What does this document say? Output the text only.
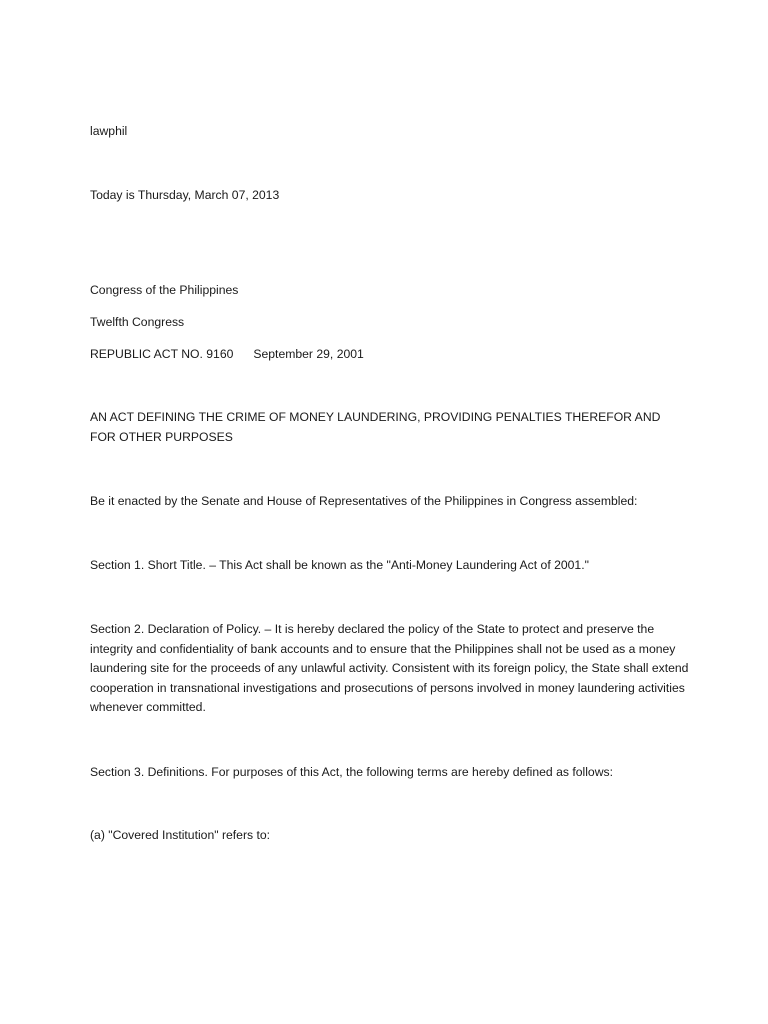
lawphil
Today is Thursday, March 07, 2013
Congress of the Philippines
Twelfth Congress
REPUBLIC ACT NO. 9160 September 29, 2001
AN ACT DEFINING THE CRIME OF MONEY LAUNDERING, PROVIDING PENALTIES THEREFOR AND FOR OTHER PURPOSES
Be it enacted by the Senate and House of Representatives of the Philippines in Congress assembled:
Section 1. Short Title. – This Act shall be known as the "Anti-Money Laundering Act of 2001."
Section 2. Declaration of Policy. – It is hereby declared the policy of the State to protect and preserve the integrity and confidentiality of bank accounts and to ensure that the Philippines shall not be used as a money laundering site for the proceeds of any unlawful activity. Consistent with its foreign policy, the State shall extend cooperation in transnational investigations and prosecutions of persons involved in money laundering activities whenever committed.
Section 3. Definitions. For purposes of this Act, the following terms are hereby defined as follows:
(a) "Covered Institution" refers to:
